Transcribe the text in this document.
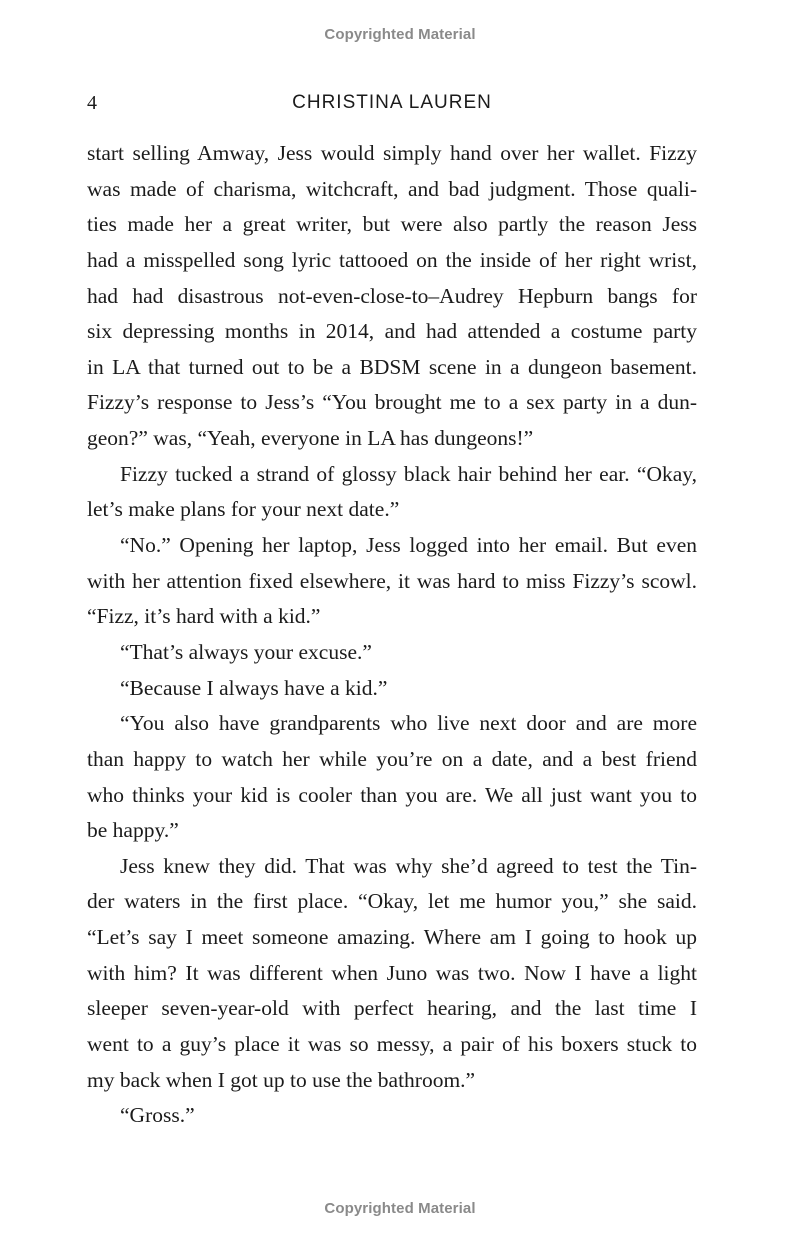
Copyrighted Material
4	CHRISTINA LAUREN
start selling Amway, Jess would simply hand over her wallet. Fizzy
was made of charisma, witchcraft, and bad judgment. Those quali-
ties made her a great writer, but were also partly the reason Jess
had a misspelled song lyric tattooed on the inside of her right wrist,
had had disastrous not-even-close-to–Audrey Hepburn bangs for
six depressing months in 2014, and had attended a costume party
in LA that turned out to be a BDSM scene in a dungeon basement.
Fizzy’s response to Jess’s “You brought me to a sex party in a dun-
geon?” was, “Yeah, everyone in LA has dungeons!”
Fizzy tucked a strand of glossy black hair behind her ear. “Okay,
let’s make plans for your next date.”
“No.” Opening her laptop, Jess logged into her email. But even
with her attention fixed elsewhere, it was hard to miss Fizzy’s scowl.
“Fizz, it’s hard with a kid.”
“That’s always your excuse.”
“Because I always have a kid.”
“You also have grandparents who live next door and are more
than happy to watch her while you’re on a date, and a best friend
who thinks your kid is cooler than you are. We all just want you to
be happy.”
Jess knew they did. That was why she’d agreed to test the Tin-
der waters in the first place. “Okay, let me humor you,” she said.
“Let’s say I meet someone amazing. Where am I going to hook up
with him? It was different when Juno was two. Now I have a light
sleeper seven-year-old with perfect hearing, and the last time I
went to a guy’s place it was so messy, a pair of his boxers stuck to
my back when I got up to use the bathroom.”
“Gross.”
Copyrighted Material
